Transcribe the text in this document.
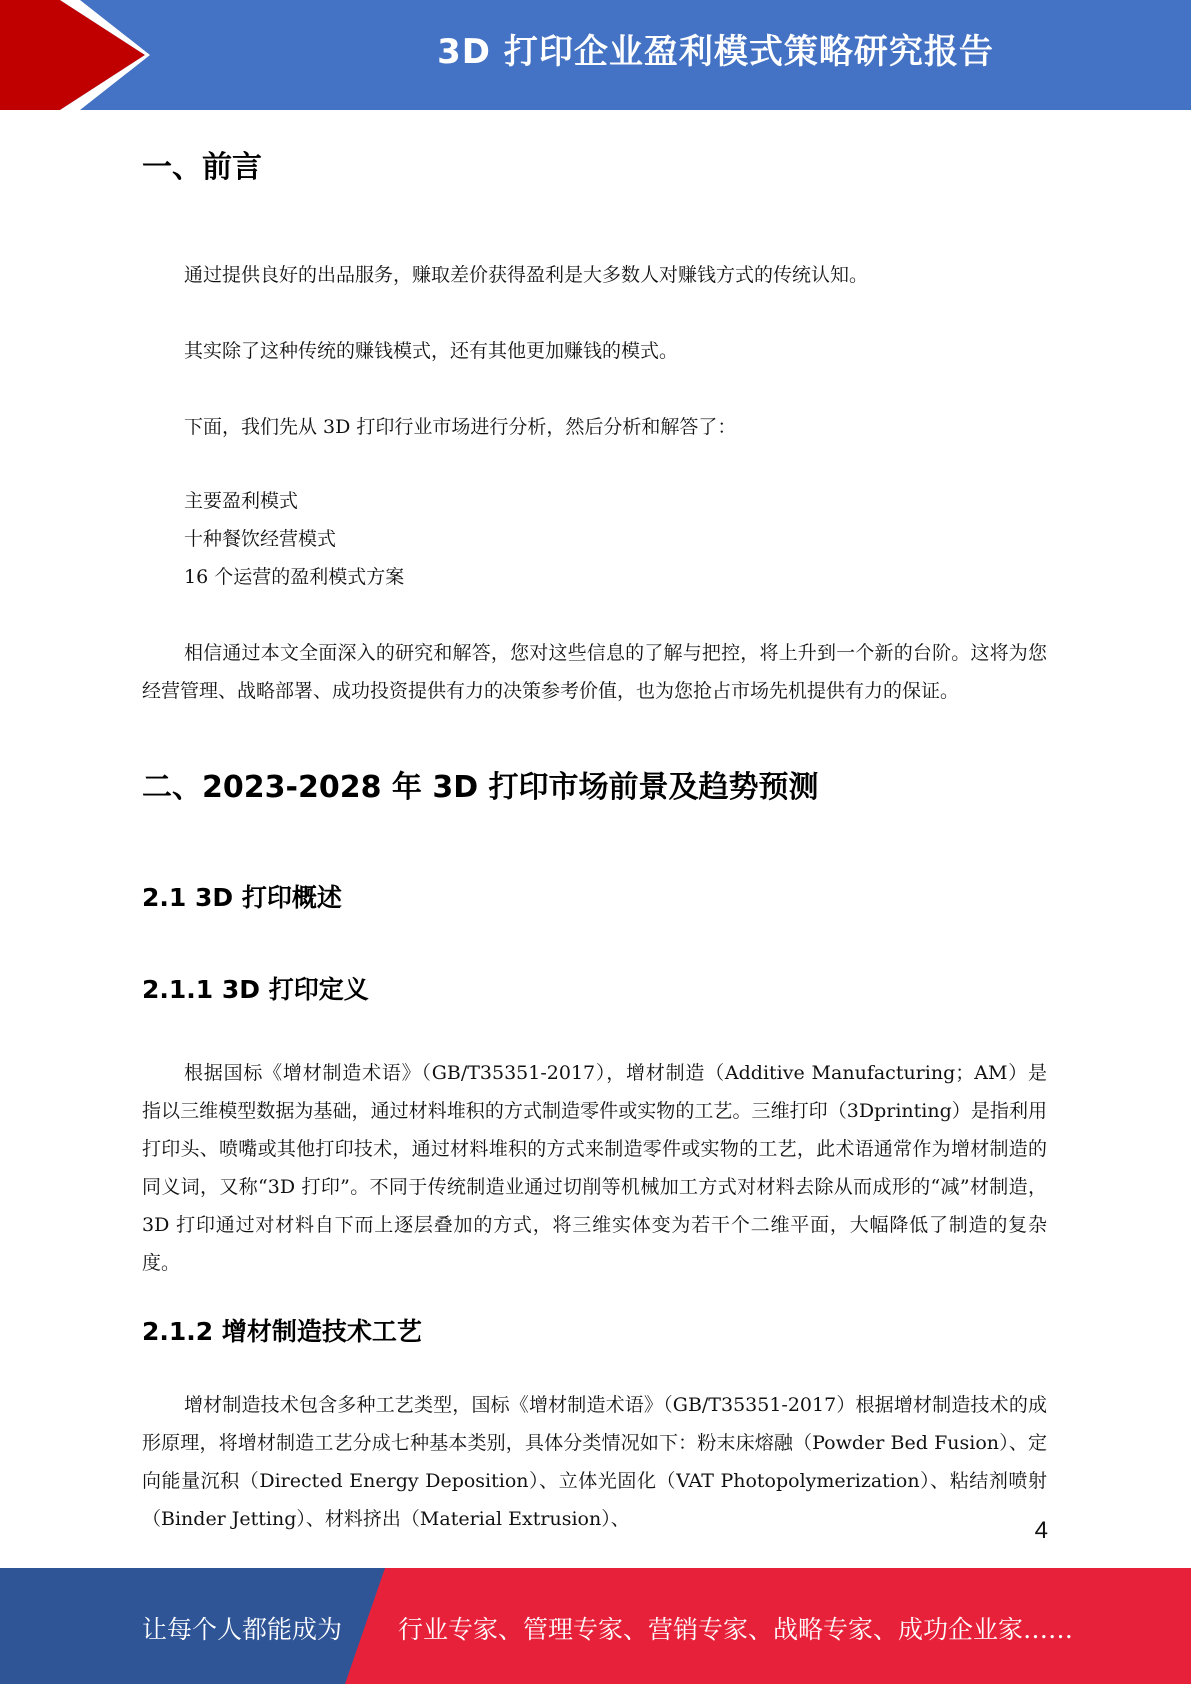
3D 打印企业盈利模式策略研究报告
一、前言

通过提供良好的出品服务，赚取差价获得盈利是大多数人对赚钱方式的传统认知。

其实除了这种传统的赚钱模式，还有其他更加赚钱的模式。

下面，我们先从 3D 打印行业市场进行分析，然后分析和解答了：

主要盈利模式
十种餐饮经营模式
16 个运营的盈利模式方案

相信通过本文全面深入的研究和解答，您对这些信息的了解与把控，将上升到一个新的台阶。这将为您经营管理、战略部署、成功投资提供有力的决策参考价值，也为您抢占市场先机提供有力的保证。

二、2023-2028 年 3D 打印市场前景及趋势预测
2.1 3D 打印概述
2.1.1 3D 打印定义

根据国标《增材制造术语》（GB/T35351-2017），增材制造（Additive Manufacturing；AM）是指以三维模型数据为基础，通过材料堆积的方式制造零件或实物的工艺。三维打印（3Dprinting）是指利用打印头、喷嘴或其他打印技术，通过材料堆积的方式来制造零件或实物的工艺，此术语通常作为增材制造的同义词，又称“3D 打印”。不同于传统制造业通过切削等机械加工方式对材料去除从而成形的“减”材制造，3D 打印通过对材料自下而上逐层叠加的方式，将三维实体变为若干个二维平面，大幅降低了制造的复杂度。

2.1.2 增材制造技术工艺

增材制造技术包含多种工艺类型，国标《增材制造术语》（GB/T35351-2017）根据增材制造技术的成形原理，将增材制造工艺分成七种基本类别，具体分类情况如下：粉末床熔融（Powder Bed Fusion）、定向能量沉积（Directed Energy Deposition）、立体光固化（VAT Photopolymerization）、粘结剂喷射（Binder Jetting）、材料挤出（Material Extrusion）、	4
让每个人都能成为 行业专家、管理专家、营销专家、战略专家、成功企业家……
